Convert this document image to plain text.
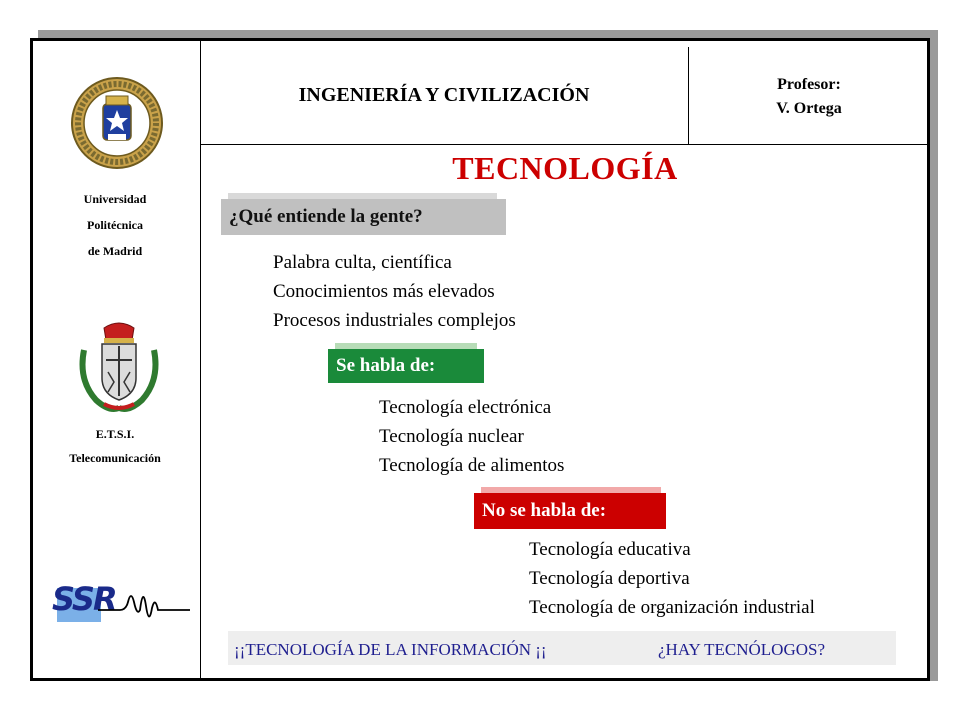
Universidad
Politécnica
de Madrid
E.T.S.I.
Telecomunicación
SSR
INGENIERÍA Y CIVILIZACIÓN	Profesor:
V. Ortega
TECNOLOGÍA
¿Qué entiende la gente?
Palabra culta, científica
Conocimientos más elevados
Procesos industriales complejos
Se habla de:
Tecnología electrónica
Tecnología nuclear
Tecnología de alimentos
No se habla de:
Tecnología educativa
Tecnología deportiva
Tecnología de organización industrial
¡¡TECNOLOGÍA DE LA INFORMACIÓN ¡¡	¿HAY TECNÓLOGOS?
